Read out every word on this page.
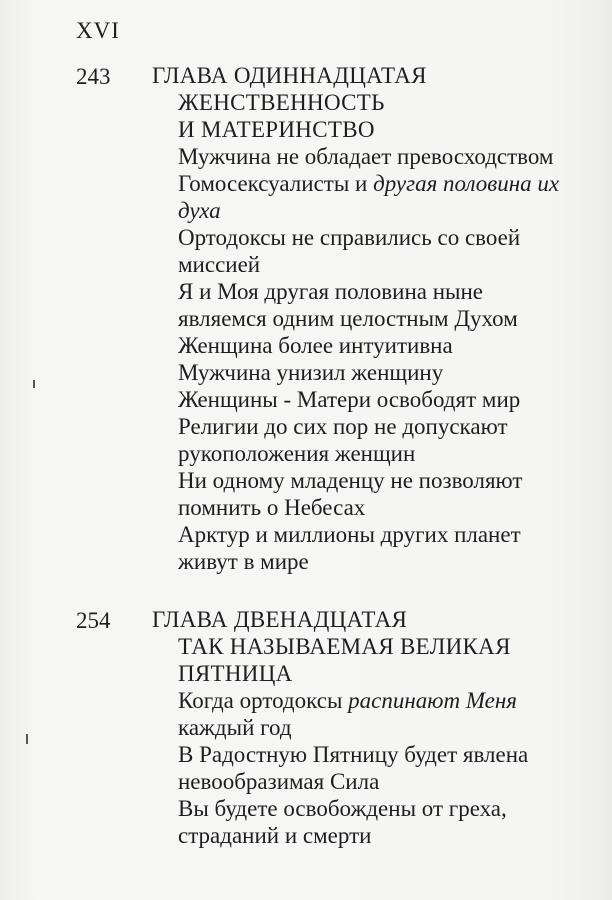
XVI
243 ГЛАВА ОДИННАДЦАТАЯ
ЖЕНСТВЕННОСТЬ
И МАТЕРИНСТВО
Мужчина не обладает превосходством
Гомосексуалисты и другая половина их
духа
Ортодоксы не справились со своей
миссией
Я и Моя другая половина ныне
являемся одним целостным Духом
Женщина более интуитивна
Мужчина унизил женщину
Женщины - Матери освободят мир
Религии до сих пор не допускают
рукоположения женщин
Ни одному младенцу не позволяют
помнить о Небесах
Арктур и миллионы других планет
живут в мире
254 ГЛАВА ДВЕНАДЦАТАЯ
ТАК НАЗЫВАЕМАЯ ВЕЛИКАЯ
ПЯТНИЦА
Когда ортодоксы распинают Меня
каждый год
В Радостную Пятницу будет явлена
невообразимая Сила
Вы будете освобождены от греха,
страданий и смерти
